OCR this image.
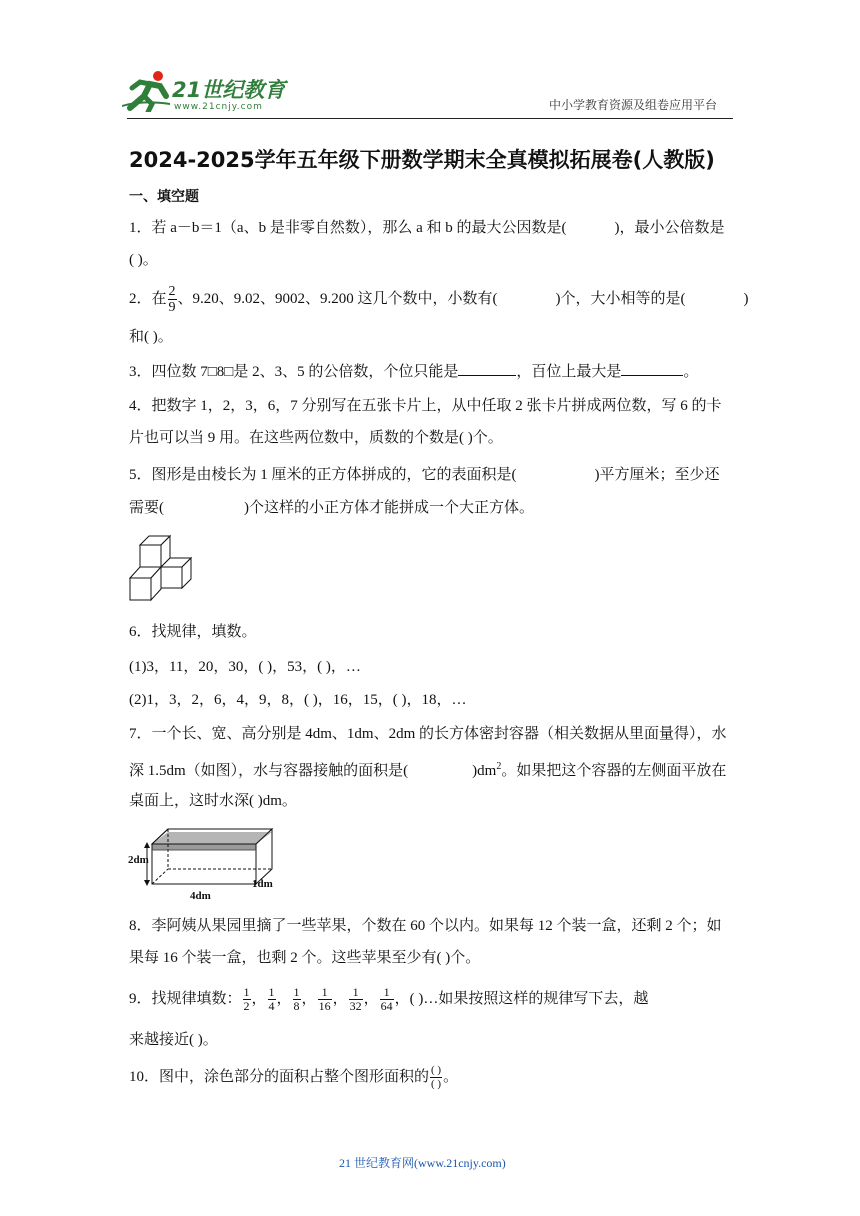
21世纪教育
www.21cnjy.com	中小学教育资源及组卷应用平台
2024-2025学年五年级下册数学期末全真模拟拓展卷(人教版)
一、填空题
1．若 a－b＝1（a、b 是非零自然数），那么 a 和 b 的最大公因数是(	)，最小公倍数是
( )。
2．在 $\frac{2}{9}$ 、9.20、9.02、9002、9.200 这几个数中，小数有(	)个，大小相等的是(	)
和( )。
3．四位数 7□8□是 2、3、5 的公倍数，个位只能是	，百位上最大是	。
4．把数字 1，2，3，6，7 分别写在五张卡片上，从中任取 2 张卡片拼成两位数，写 6 的卡
片也可以当 9 用。在这些两位数中，质数的个数是( )个。
5．图形是由棱长为 1 厘米的正方体拼成的，它的表面积是(	)平方厘米；至少还
需要(	)个这样的小正方体才能拼成一个大正方体。
6．找规律，填数。
(1)3，11，20，30，( )，53，( )，…
(2)1，3，2，6，4，9，8，( )，16，15，( )，18，…
7．一个长、宽、高分别是 4dm、1dm、2dm 的长方体密封容器（相关数据从里面量得），水
深 1.5dm（如图），水与容器接触的面积是(	)$dm^2$。如果把这个容器的左侧面平放在
桌面上，这时水深( )dm。
2dm
1dm
4dm
8．李阿姨从果园里摘了一些苹果，个数在 60 个以内。如果每 12 个装一盒，还剩 2 个；如
果每 16 个装一盒，也剩 2 个。这些苹果至少有( )个。
9．找规律填数： $\frac{1}{2}$ ， $\frac{1}{4}$ ， $\frac{1}{8}$ ， $\frac{1}{16}$ ， $\frac{1}{32}$ ， $\frac{1}{64}$ ，( )…如果按照这样的规律写下去，越
来越接近( )。
10．图中，涂色部分的面积占整个图形面积的 $\frac{( )}{( )}$ 。
21 世纪教育网(www.21cnjy.com)
